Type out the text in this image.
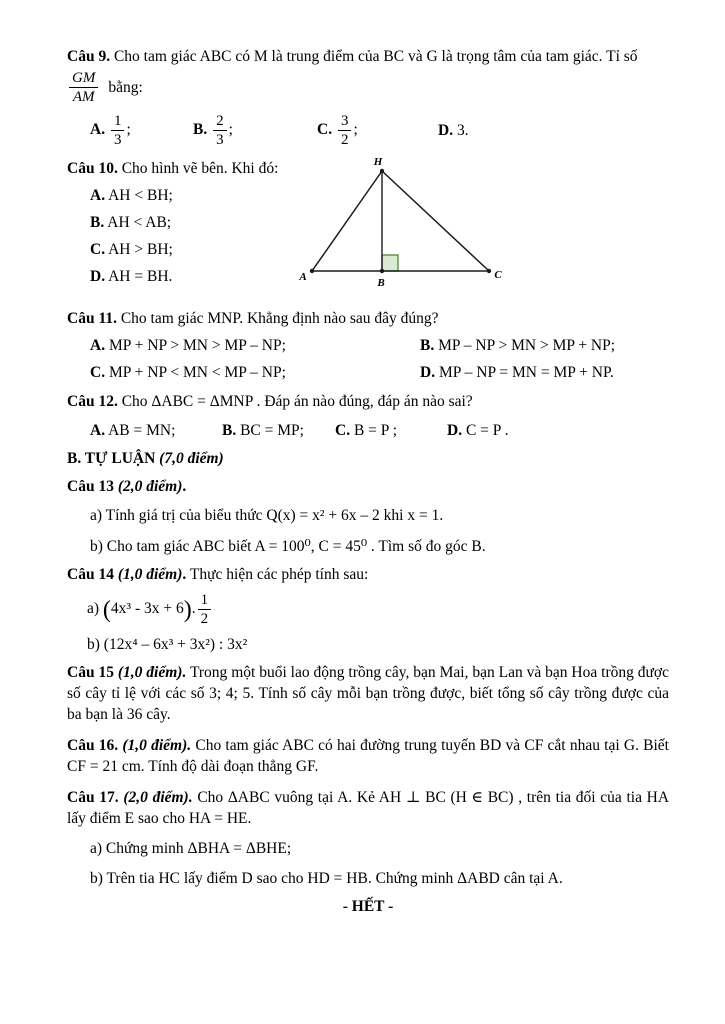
Câu 9. Cho tam giác ABC có M là trung điểm của BC và G là trọng tâm của tam giác. Tỉ số
$\frac{GM}{AM}$ bằng:
A. $\frac{1}{3}$ ;	B. $\frac{2}{3}$ ;	C. $\frac{3}{2}$ ;	D. 3.
Câu 10. Cho hình vẽ bên. Khi đó:
A. AH < BH;
B. AH < AB;
C. AH > BH;
D. AH = BH.
H
A	B
C
Câu 11. Cho tam giác MNP. Khẳng định nào sau đây đúng?
A. MP + NP > MN > MP – NP;	B. MP – NP > MN > MP + NP;
C. MP + NP < MN < MP – NP;	D. MP – NP = MN = MP + NP.
Câu 12. Cho ΔABC = ΔMNP . Đáp án nào đúng, đáp án nào sai?
A. AB = MN;	B. BC = MP;	C. B = P ;	D. C = P .
B. TỰ LUẬN (7,0 điểm)
Câu 13 (2,0 điểm).
a) Tính giá trị của biểu thức Q(x) = x² + 6x – 2 khi x = 1.
b) Cho tam giác ABC biết A = 100⁰, C = 45⁰ . Tìm số đo góc B.
Câu 14 (1,0 điểm). Thực hiện các phép tính sau:
a) (4x³ - 3x + 6). $\frac{1}{2}$
b) (12x⁴ – 6x³ + 3x²) : 3x²
Câu 15 (1,0 điểm). Trong một buổi lao động trồng cây, bạn Mai, bạn Lan và bạn Hoa trồng được số cây tỉ lệ với các số 3; 4; 5. Tính số cây mỗi bạn trồng được, biết tổng số cây trồng được của ba bạn là 36 cây.
Câu 16. (1,0 điểm). Cho tam giác ABC có hai đường trung tuyến BD và CF cắt nhau tại G. Biết CF = 21 cm. Tính độ dài đoạn thẳng GF.
Câu 17. (2,0 điểm). Cho ΔABC vuông tại A. Kẻ AH ⊥ BC (H ∈ BC) , trên tia đối của tia HA lấy điểm E sao cho HA = HE.
a) Chứng minh ΔBHA = ΔBHE;
b) Trên tia HC lấy điểm D sao cho HD = HB. Chứng minh ΔABD cân tại A.
- HẾT -
